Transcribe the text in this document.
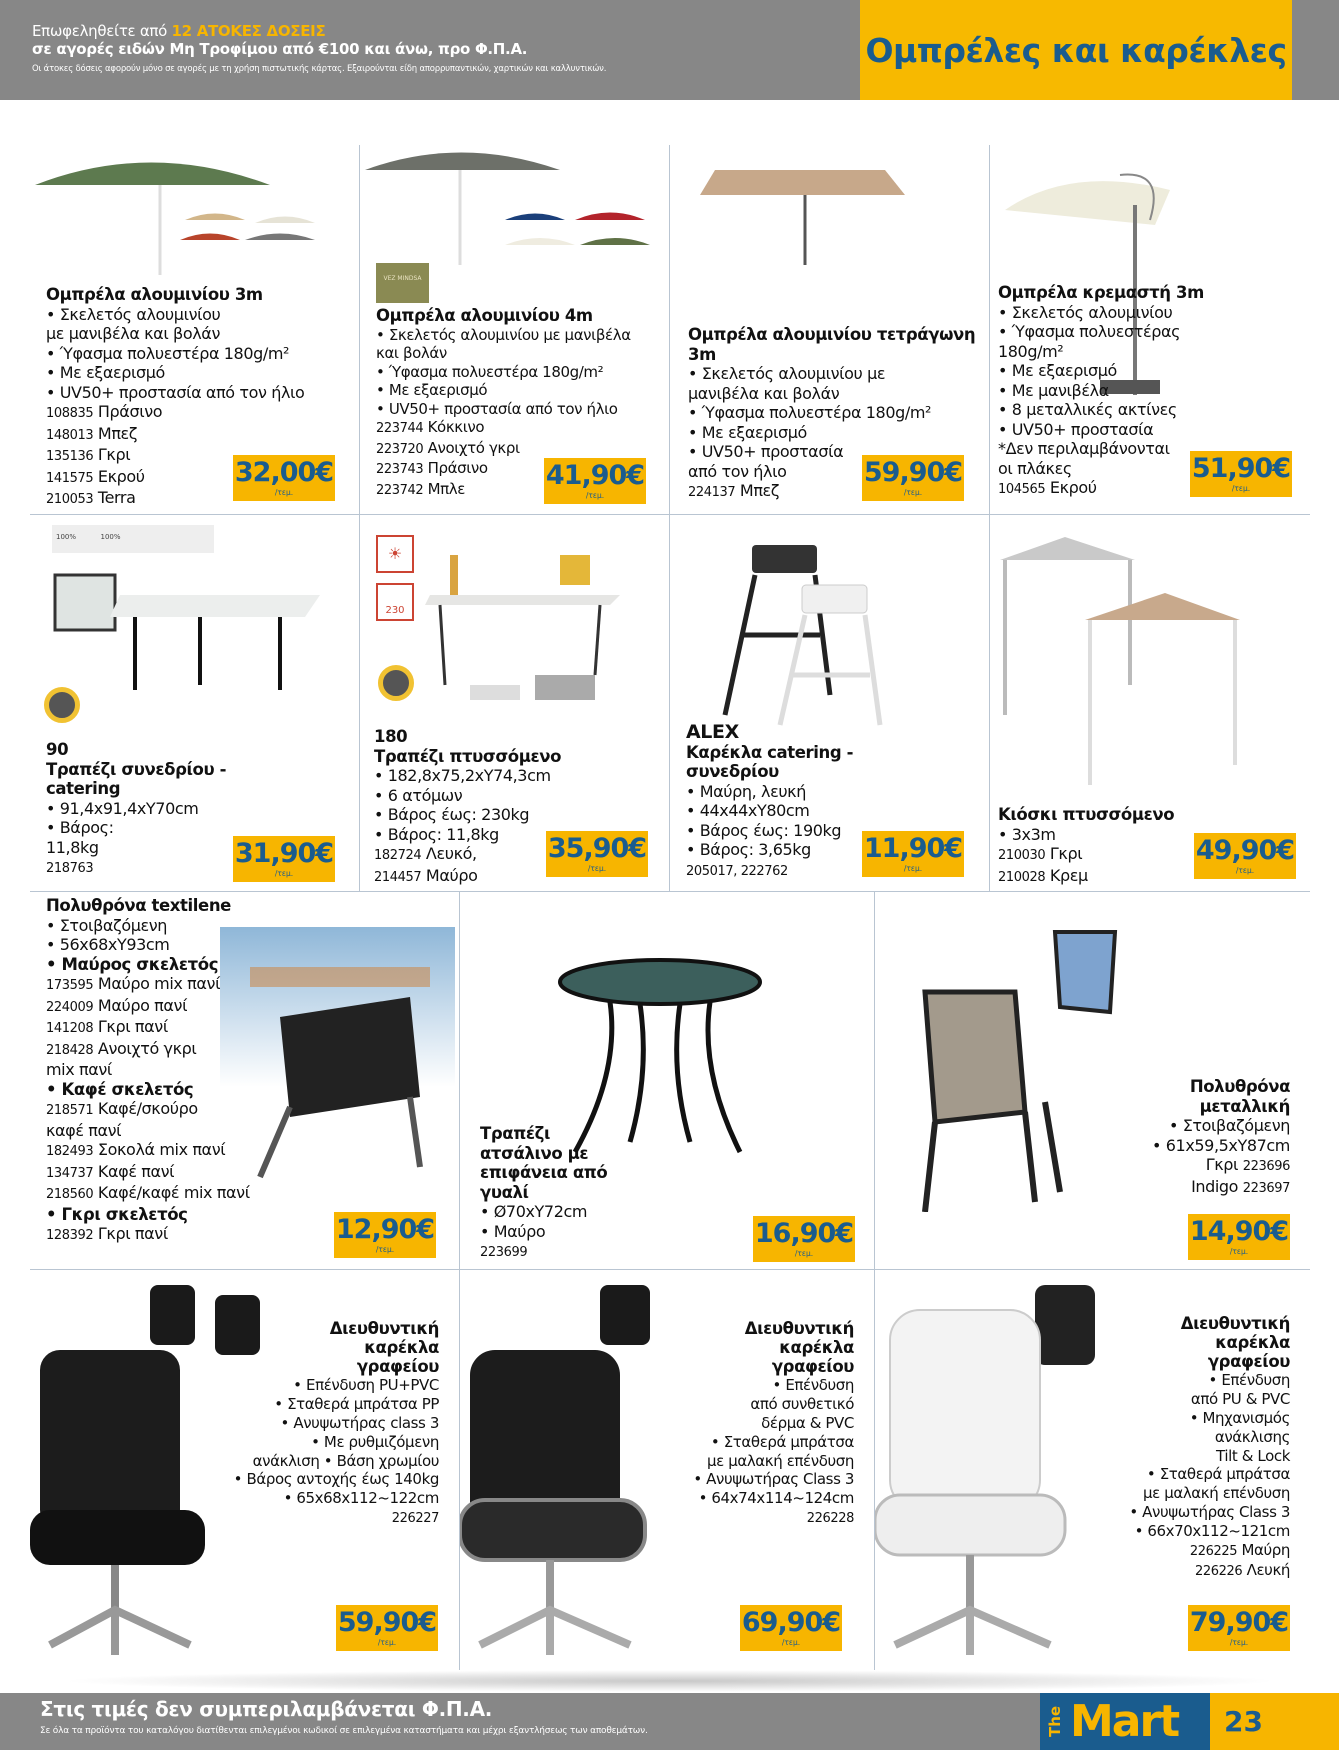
Επωφεληθείτε από 12 ΑΤΟΚΕΣ ΔΟΣΕΙΣ
σε αγορές ειδών Μη Τροφίμου από €100 και άνω, προ Φ.Π.Α.
Οι άτοκες δόσεις αφορούν μόνο σε αγορές με τη χρήση πιστωτικής κάρτας. Εξαιρούνται είδη απορρυπαντικών, χαρτικών και καλλυντικών.	Ομπρέλες και καρέκλες
Ομπρέλα αλουμινίου 3m
• Σκελετός αλουμινίου
με μανιβέλα και βολάν
• Ύφασμα πολυεστέρα 180g/m²
• Με εξαερισμό
• UV50+ προστασία από τον ήλιο
108835 Πράσινο
148013 Μπεζ
135136 Γκρι
141575 Εκρού
210053 Terra
32,00€
/τεμ.
VEZ MINDSA
Ομπρέλα αλουμινίου 4m
• Σκελετός αλουμινίου με μανιβέλα
και βολάν
• Ύφασμα πολυεστέρα 180g/m²
• Με εξαερισμό
• UV50+ προστασία από τον ήλιο
223744 Κόκκινο
223720 Ανοιχτό γκρι
223743 Πράσινο
223742 Μπλε	41,90€
/τεμ.
Ομπρέλα αλουμινίου τετράγωνη 3m
• Σκελετός αλουμινίου με
μανιβέλα και βολάν
• Ύφασμα πολυεστέρα 180g/m²
• Με εξαερισμό
• UV50+ προστασία
από τον ήλιο
224137 Μπεζ
59,90€
/τεμ.
Ομπρέλα κρεμαστή 3m
• Σκελετός αλουμινίου
• Ύφασμα πολυεστέρας
180g/m²
• Με εξαερισμό
• Με μανιβέλα
• 8 μεταλλικές ακτίνες
• UV50+ προστασία
*Δεν περιλαμβάνονται
οι πλάκες
104565 Εκρού
51,90€
/τεμ.
100%	100%
90
Τραπέζι συνεδρίου - catering
• 91,4x91,4xΥ70cm
• Βάρος:
11,8kg
218763	31,90€
/τεμ.
☀
230
180
Τραπέζι πτυσσόμενο
• 182,8x75,2xΥ74,3cm
• 6 ατόμων
• Βάρος έως: 230kg
• Βάρος: 11,8kg
182724 Λευκό,
214457 Μαύρο
35,90€
/τεμ.
ALEX
Καρέκλα catering - συνεδρίου
• Μαύρη, λευκή
• 44x44xΥ80cm
• Βάρος έως: 190kg
• Βάρος: 3,65kg
205017, 222762
11,90€
/τεμ.
Κιόσκι πτυσσόμενο
• 3x3m
210030 Γκρι
210028 Κρεμ
49,90€
/τεμ.
Πολυθρόνα textilene
• Στοιβαζόμενη
• 56x68xΥ93cm
• Μαύρος σκελετός
173595 Μαύρο mix πανί
224009 Μαύρο πανί
141208 Γκρι πανί
218428 Ανοιχτό γκρι mix πανί
• Καφέ σκελετός
218571 Καφέ/σκούρο καφέ πανί
182493 Σοκολά mix πανί
134737 Καφέ πανί
218560 Καφέ/καφέ mix πανί
• Γκρι σκελετός
128392 Γκρι πανί	12,90€
/τεμ.
Τραπέζι ατσάλινο με επιφάνεια από γυαλί
• Ø70xΥ72cm
• Μαύρο
223699
16,90€
/τεμ.
Πολυθρόνα μεταλλική
• Στοιβαζόμενη
• 61x59,5xΥ87cm
Γκρι 223696
Indigo 223697
14,90€
/τεμ.
Διευθυντική καρέκλα γραφείου
• Επένδυση PU+PVC
• Σταθερά μπράτσα PP
• Ανυψωτήρας class 3
• Με ρυθμιζόμενη
ανάκλιση • Βάση χρωμίου
• Βάρος αντοχής έως 140kg
• 65x68x112~122cm
226227
59,90€
/τεμ.
Διευθυντική καρέκλα γραφείου
• Επένδυση
από συνθετικό
δέρμα & PVC
• Σταθερά μπράτσα
με μαλακή επένδυση
• Ανυψωτήρας Class 3
• 64x74x114~124cm
226228
69,90€
/τεμ.
Διευθυντική καρέκλα γραφείου
• Επένδυση
από PU & PVC
• Μηχανισμός
ανάκλισης
Tilt & Lock
• Σταθερά μπράτσα
με μαλακή επένδυση
• Ανυψωτήρας Class 3
• 66x70x112~121cm
226225 Μαύρη
226226 Λευκή
79,90€
/τεμ.
Στις τιμές δεν συμπεριλαμβάνεται Φ.Π.Α.
Σε όλα τα προϊόντα του καταλόγου διατίθενται επιλεγμένοι κωδικοί σε επιλεγμένα καταστήματα και μέχρι εξαντλήσεως των αποθεμάτων.	The Mart	23
